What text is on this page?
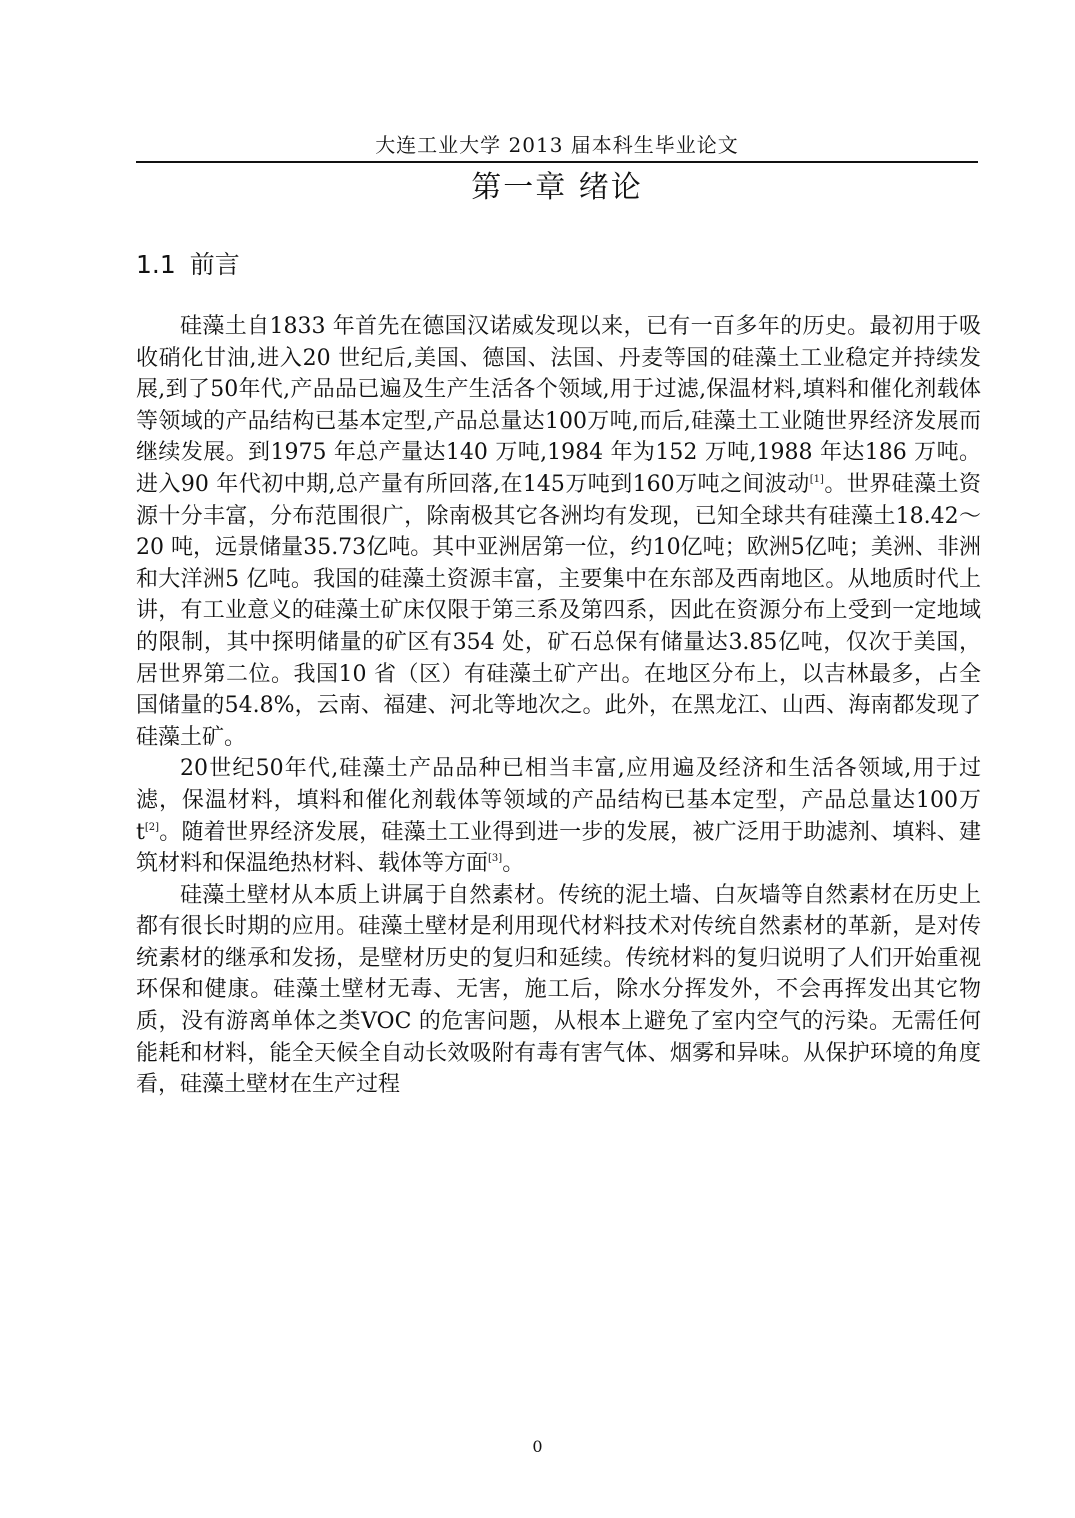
大连工业大学 2013 届本科生毕业论文
第一章 绪论
1.1 前言

硅藻土自1833 年首先在德国汉诺威发现以来，已有一百多年的历史。最初用于吸收硝化甘油,进入20 世纪后,美国、德国、法国、丹麦等国的硅藻土工业稳定并持续发展,到了50年代,产品品已遍及生产生活各个领域,用于过滤,保温材料,填料和催化剂载体等领域的产品结构已基本定型,产品总量达100万吨,而后,硅藻土工业随世界经济发展而继续发展。到1975 年总产量达140 万吨,1984 年为152 万吨,1988 年达186 万吨。进入90 年代初中期,总产量有所回落,在145万吨到160万吨之间波动[1]。世界硅藻土资源十分丰富，分布范围很广，除南极其它各洲均有发现，已知全球共有硅藻土18.42～20 吨，远景储量35.73亿吨。其中亚洲居第一位，约10亿吨；欧洲5亿吨；美洲、非洲和大洋洲5 亿吨。我国的硅藻土资源丰富，主要集中在东部及西南地区。从地质时代上讲，有工业意义的硅藻土矿床仅限于第三系及第四系，因此在资源分布上受到一定地域的限制，其中探明储量的矿区有354 处，矿石总保有储量达3.85亿吨，仅次于美国，居世界第二位。我国10 省（区）有硅藻土矿产出。在地区分布上，以吉林最多，占全国储量的54.8%，云南、福建、河北等地次之。此外，在黑龙江、山西、海南都发现了硅藻土矿。

20世纪50年代,硅藻土产品品种已相当丰富,应用遍及经济和生活各领域,用于过滤，保温材料，填料和催化剂载体等领域的产品结构已基本定型，产品总量达100万t[2]。随着世界经济发展，硅藻土工业得到进一步的发展，被广泛用于助滤剂、填料、建筑材料和保温绝热材料、载体等方面[3]。

硅藻土壁材从本质上讲属于自然素材。传统的泥土墙、白灰墙等自然素材在历史上都有很长时期的应用。硅藻土壁材是利用现代材料技术对传统自然素材的革新，是对传统素材的继承和发扬，是壁材历史的复归和延续。传统材料的复归说明了人们开始重视环保和健康。硅藻土壁材无毒、无害，施工后，除水分挥发外，不会再挥发出其它物质，没有游离单体之类VOC 的危害问题，从根本上避免了室内空气的污染。无需任何能耗和材料，能全天候全自动长效吸附有毒有害气体、烟雾和异味。从保护环境的角度看，硅藻土壁材在生产过程

0
